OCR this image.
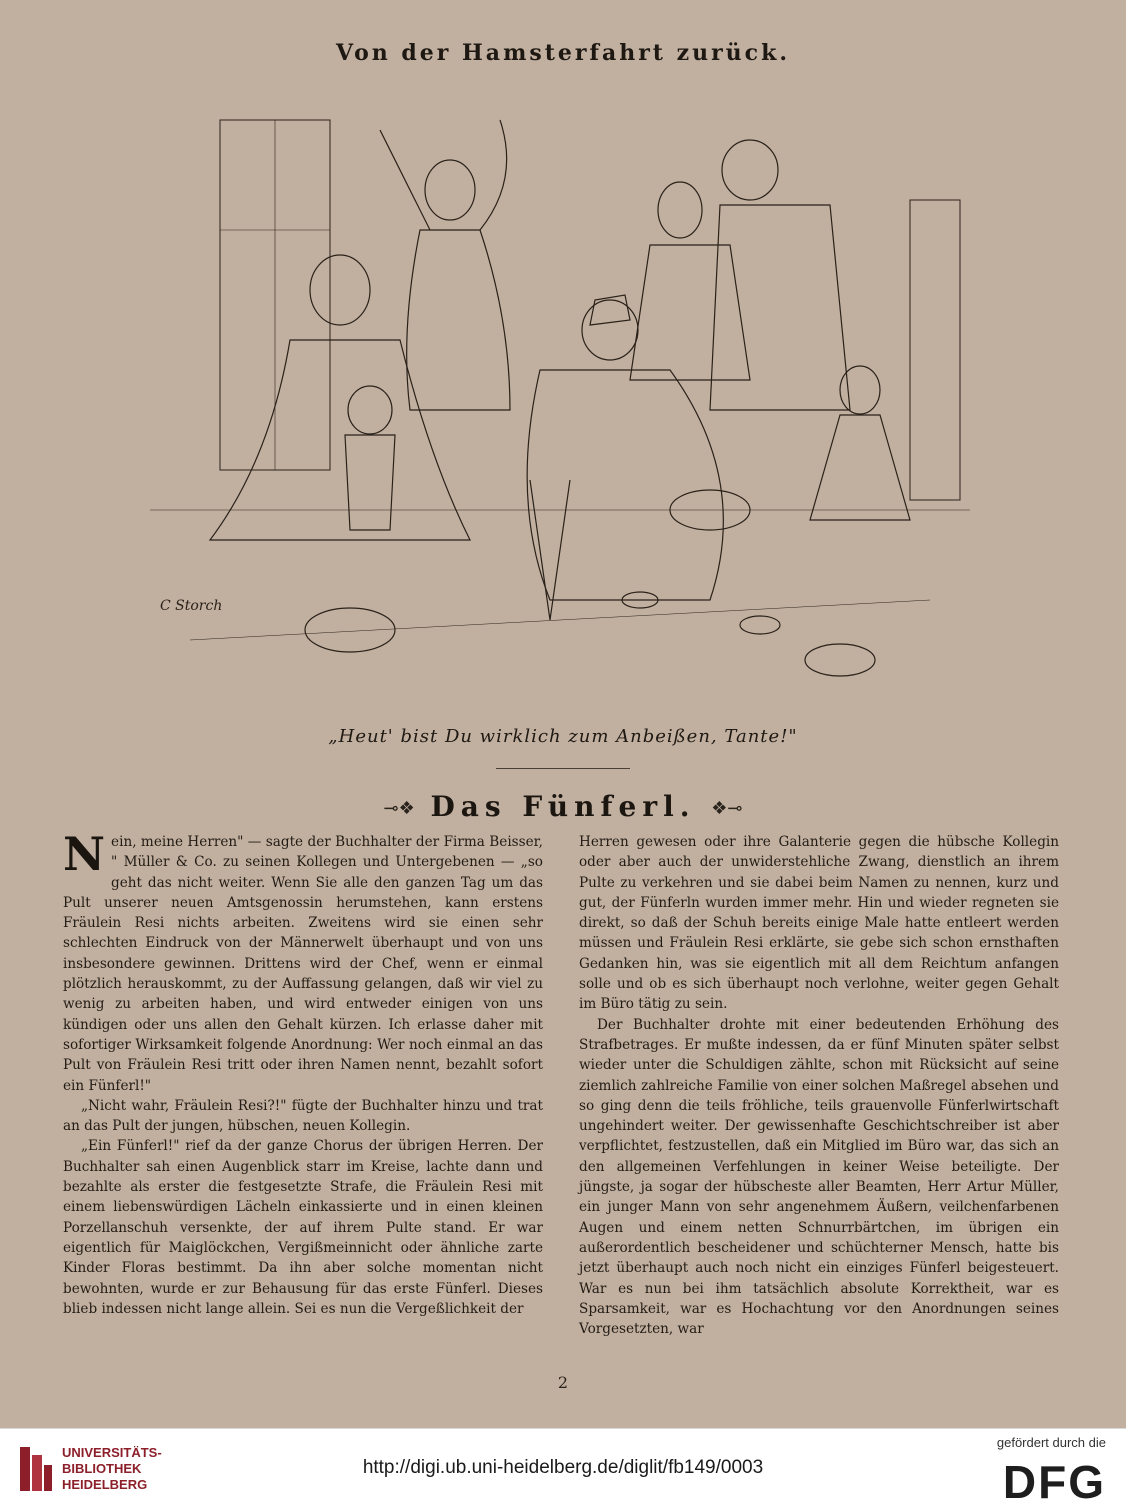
Von der Hamsterfahrt zurück.
C Storch
„Heut' bist Du wirklich zum Anbeißen, Tante!"
⊸❖ Das Fünferl. ❖⊸

Nein, meine Herren" — sagte der Buchhalter der Firma Beisser, " Müller & Co. zu seinen Kollegen und Untergebenen — „so geht das nicht weiter. Wenn Sie alle den ganzen Tag um das Pult unserer neuen Amtsgenossin herumstehen, kann erstens Fräulein Resi nichts arbeiten. Zweitens wird sie einen sehr schlechten Eindruck von der Männerwelt überhaupt und von uns insbesondere gewinnen. Drittens wird der Chef, wenn er einmal plötzlich herauskommt, zu der Auffassung gelangen, daß wir viel zu wenig zu arbeiten haben, und wird entweder einigen von uns kündigen oder uns allen den Gehalt kürzen. Ich erlasse daher mit sofortiger Wirksamkeit folgende Anordnung: Wer noch einmal an das Pult von Fräulein Resi tritt oder ihren Namen nennt, bezahlt sofort ein Fünferl!"

„Nicht wahr, Fräulein Resi?!" fügte der Buchhalter hinzu und trat an das Pult der jungen, hübschen, neuen Kollegin.

„Ein Fünferl!" rief da der ganze Chorus der übrigen Herren. Der Buchhalter sah einen Augenblick starr im Kreise, lachte dann und bezahlte als erster die festgesetzte Strafe, die Fräulein Resi mit einem liebenswürdigen Lächeln einkassierte und in einen kleinen Porzellanschuh versenkte, der auf ihrem Pulte stand. Er war eigentlich für Maiglöckchen, Vergißmeinnicht oder ähnliche zarte Kinder Floras bestimmt. Da ihn aber solche momentan nicht bewohnten, wurde er zur Behausung für das erste Fünferl. Dieses blieb indessen nicht lange allein. Sei es nun die Vergeßlichkeit der

Herren gewesen oder ihre Galanterie gegen die hübsche Kollegin oder aber auch der unwiderstehliche Zwang, dienstlich an ihrem Pulte zu verkehren und sie dabei beim Namen zu nennen, kurz und gut, der Fünferln wurden immer mehr. Hin und wieder regneten sie direkt, so daß der Schuh bereits einige Male hatte entleert werden müssen und Fräulein Resi erklärte, sie gebe sich schon ernsthaften Gedanken hin, was sie eigentlich mit all dem Reichtum anfangen solle und ob es sich überhaupt noch verlohne, weiter gegen Gehalt im Büro tätig zu sein.

Der Buchhalter drohte mit einer bedeutenden Erhöhung des Strafbetrages. Er mußte indessen, da er fünf Minuten später selbst wieder unter die Schuldigen zählte, schon mit Rücksicht auf seine ziemlich zahlreiche Familie von einer solchen Maßregel absehen und so ging denn die teils fröhliche, teils grauenvolle Fünferlwirtschaft ungehindert weiter. Der gewissenhafte Geschichtschreiber ist aber verpflichtet, festzustellen, daß ein Mitglied im Büro war, das sich an den allgemeinen Verfehlungen in keiner Weise beteiligte. Der jüngste, ja sogar der hübscheste aller Beamten, Herr Artur Müller, ein junger Mann von sehr angenehmem Äußern, veilchenfarbenen Augen und einem netten Schnurrbärtchen, im übrigen ein außerordentlich bescheidener und schüchterner Mensch, hatte bis jetzt überhaupt auch noch nicht ein einziges Fünferl beigesteuert. War es nun bei ihm tatsächlich absolute Korrektheit, war es Sparsamkeit, war es Hochachtung vor den Anordnungen seines Vorgesetzten, war

2
UNIVERSITÄTS-
BIBLIOTHEK
HEIDELBERG
http://digi.ub.uni-heidelberg.de/diglit/fb149/0003
gefördert durch die
DFG
